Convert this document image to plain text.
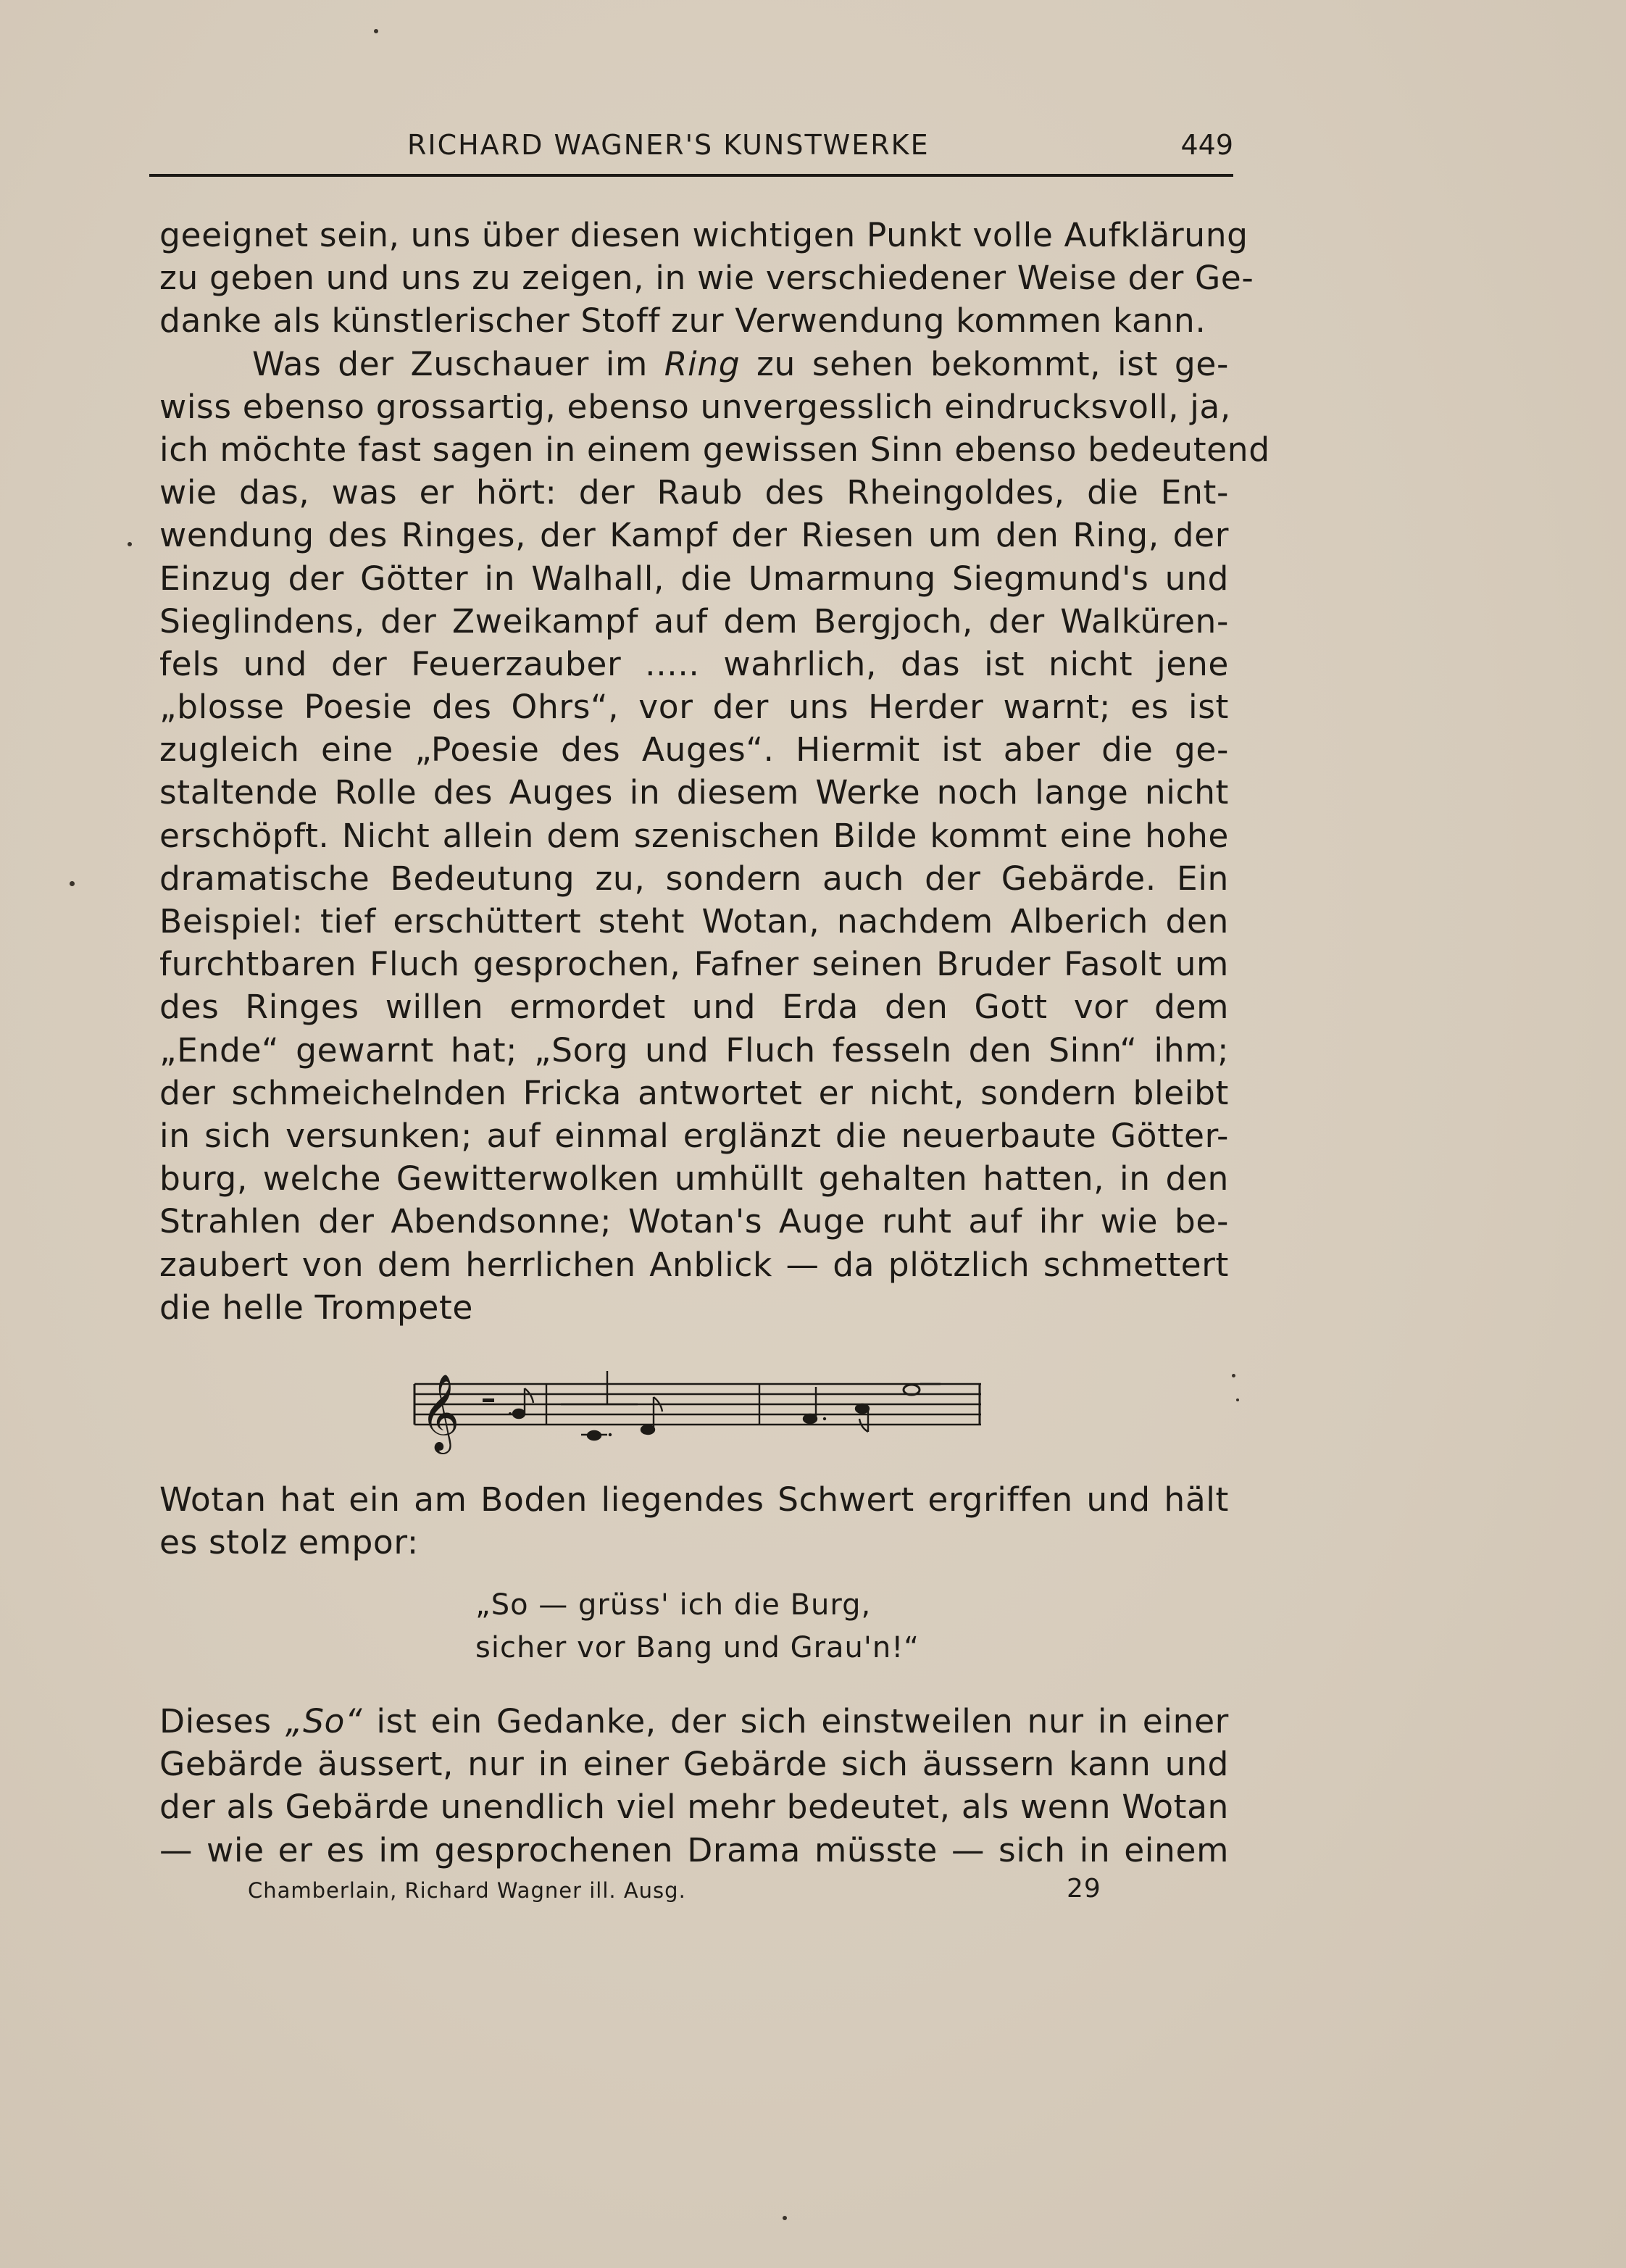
RICHARD WAGNER'S KUNSTWERKE	449
geeignet sein, uns über diesen wichtigen Punkt volle Aufklärung
zu geben und uns zu zeigen, in wie verschiedener Weise der Ge-
danke als künstlerischer Stoff zur Verwendung kommen kann.
Was der Zuschauer im Ring zu sehen bekommt, ist ge-
wiss ebenso grossartig, ebenso unvergesslich eindrucksvoll, ja,
ich möchte fast sagen in einem gewissen Sinn ebenso bedeutend
wie das, was er hört: der Raub des Rheingoldes, die Ent-
wendung des Ringes, der Kampf der Riesen um den Ring, der
Einzug der Götter in Walhall, die Umarmung Siegmund's und
Sieglindens, der Zweikampf auf dem Bergjoch, der Walküren-
fels und der Feuerzauber ..... wahrlich, das ist nicht jene
„blosse Poesie des Ohrs“, vor der uns Herder warnt; es ist
zugleich eine „Poesie des Auges“. Hiermit ist aber die ge-
staltende Rolle des Auges in diesem Werke noch lange nicht
erschöpft. Nicht allein dem szenischen Bilde kommt eine hohe
dramatische Bedeutung zu, sondern auch der Gebärde. Ein
Beispiel: tief erschüttert steht Wotan, nachdem Alberich den
furchtbaren Fluch gesprochen, Fafner seinen Bruder Fasolt um
des Ringes willen ermordet und Erda den Gott vor dem
„Ende“ gewarnt hat; „Sorg und Fluch fesseln den Sinn“ ihm;
der schmeichelnden Fricka antwortet er nicht, sondern bleibt
in sich versunken; auf einmal erglänzt die neuerbaute Götter-
burg, welche Gewitterwolken umhüllt gehalten hatten, in den
Strahlen der Abendsonne; Wotan's Auge ruht auf ihr wie be-
zaubert von dem herrlichen Anblick — da plötzlich schmettert
die helle Trompete
𝄞
Wotan hat ein am Boden liegendes Schwert ergriffen und hält
es stolz empor:
„So — grüss' ich die Burg,
sicher vor Bang und Grau'n!“
Dieses „So“ ist ein Gedanke, der sich einstweilen nur in einer
Gebärde äussert, nur in einer Gebärde sich äussern kann und
der als Gebärde unendlich viel mehr bedeutet, als wenn Wotan
— wie er es im gesprochenen Drama müsste — sich in einem
Chamberlain, Richard Wagner ill. Ausg.	29
